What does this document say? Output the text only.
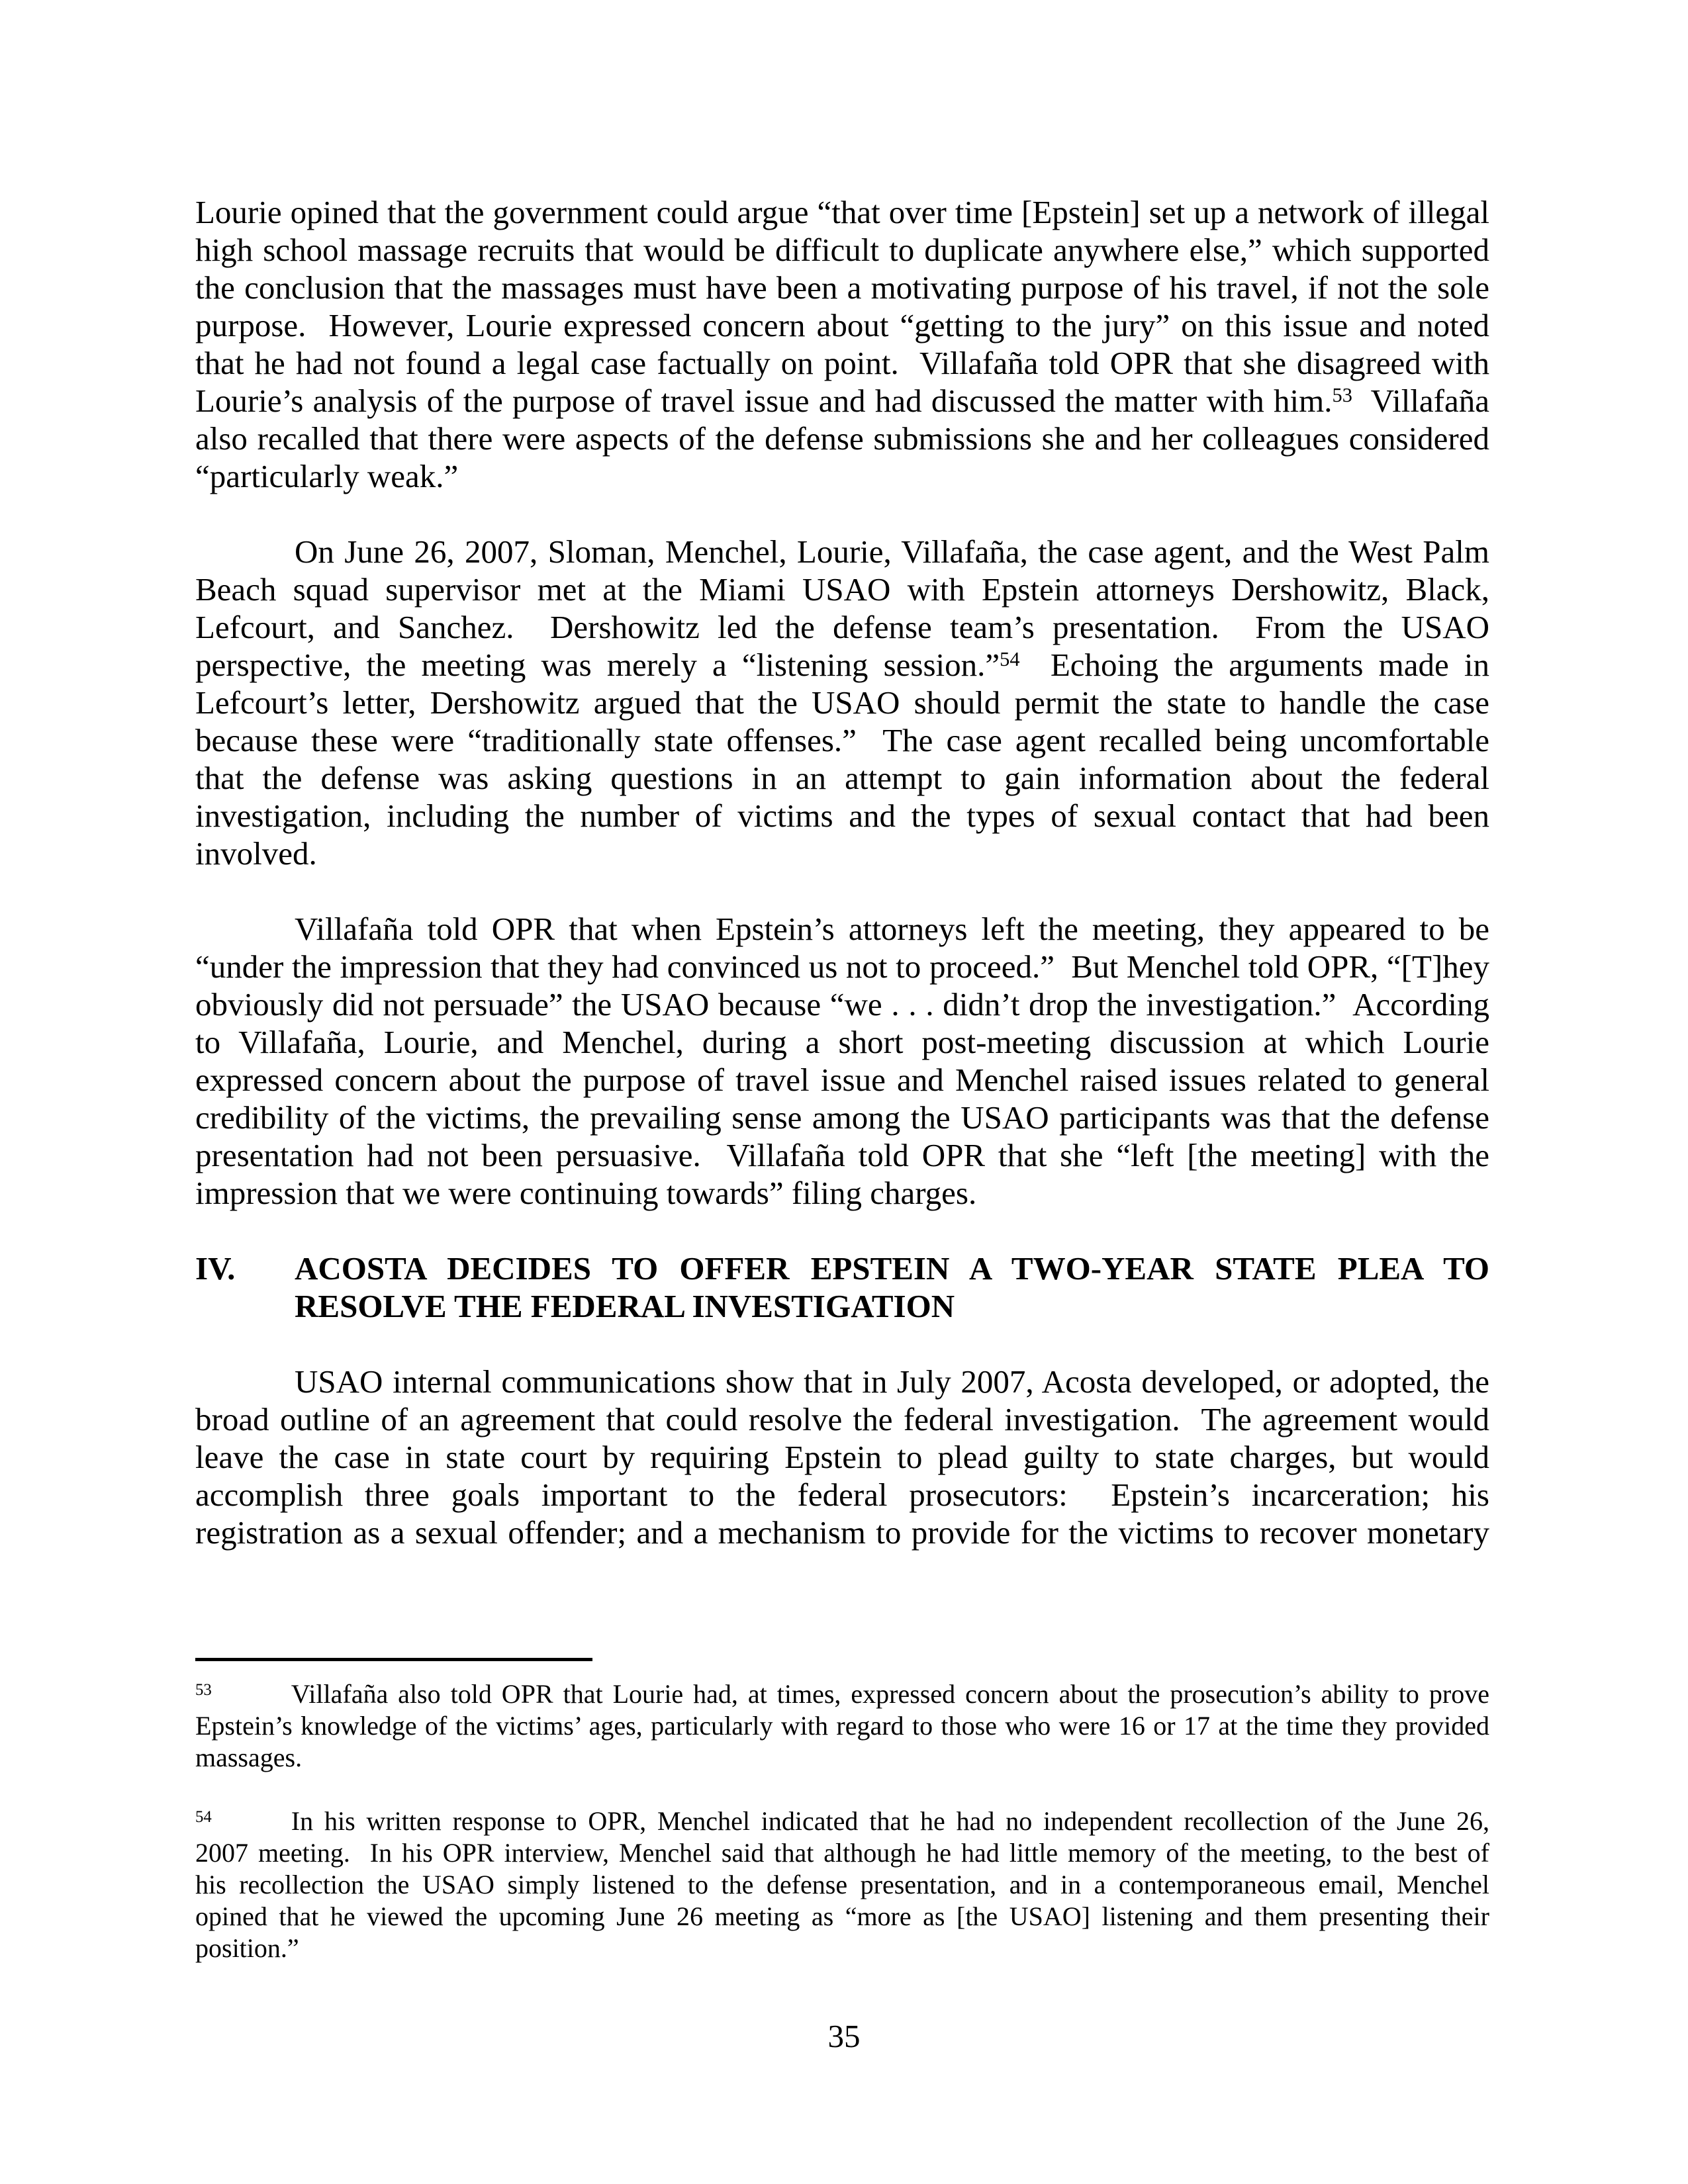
Lourie opined that the government could argue “that over time [Epstein] set up a network of illegal
high school massage recruits that would be difficult to duplicate anywhere else,” which supported
the conclusion that the massages must have been a motivating purpose of his travel, if not the sole
purpose.  However, Lourie expressed concern about “getting to the jury” on this issue and noted
that he had not found a legal case factually on point.  Villafaña told OPR that she disagreed with
Lourie’s analysis of the purpose of travel issue and had discussed the matter with him.$^{53}$  Villafaña
also recalled that there were aspects of the defense submissions she and her colleagues considered
“particularly weak.”
On June 26, 2007, Sloman, Menchel, Lourie, Villafaña, the case agent, and the West Palm
Beach squad supervisor met at the Miami USAO with Epstein attorneys Dershowitz, Black,
Lefcourt, and Sanchez.  Dershowitz led the defense team’s presentation.  From the USAO
perspective, the meeting was merely a “listening session.”$^{54}$  Echoing the arguments made in
Lefcourt’s letter, Dershowitz argued that the USAO should permit the state to handle the case
because these were “traditionally state offenses.”  The case agent recalled being uncomfortable
that the defense was asking questions in an attempt to gain information about the federal
investigation, including the number of victims and the types of sexual contact that had been
involved.
Villafaña told OPR that when Epstein’s attorneys left the meeting, they appeared to be
“under the impression that they had convinced us not to proceed.”  But Menchel told OPR, “[T]hey
obviously did not persuade” the USAO because “we . . . didn’t drop the investigation.”  According
to Villafaña, Lourie, and Menchel, during a short post-meeting discussion at which Lourie
expressed concern about the purpose of travel issue and Menchel raised issues related to general
credibility of the victims, the prevailing sense among the USAO participants was that the defense
presentation had not been persuasive.  Villafaña told OPR that she “left [the meeting] with the
impression that we were continuing towards” filing charges.
IV. ACOSTA DECIDES TO OFFER EPSTEIN A TWO-YEAR STATE PLEA TO
RESOLVE THE FEDERAL INVESTIGATION
USAO internal communications show that in July 2007, Acosta developed, or adopted, the
broad outline of an agreement that could resolve the federal investigation.  The agreement would
leave the case in state court by requiring Epstein to plead guilty to state charges, but would
accomplish three goals important to the federal prosecutors:  Epstein’s incarceration; his
registration as a sexual offender; and a mechanism to provide for the victims to recover monetary
$^{53}$	Villafaña also told OPR that Lourie had, at times, expressed concern about the prosecution’s ability to prove
Epstein’s knowledge of the victims’ ages, particularly with regard to those who were 16 or 17 at the time they provided
massages.
$^{54}$	In his written response to OPR, Menchel indicated that he had no independent recollection of the June 26,
2007 meeting.  In his OPR interview, Menchel said that although he had little memory of the meeting, to the best of
his recollection the USAO simply listened to the defense presentation, and in a contemporaneous email, Menchel
opined that he viewed the upcoming June 26 meeting as “more as [the USAO] listening and them presenting their
position.”
35
